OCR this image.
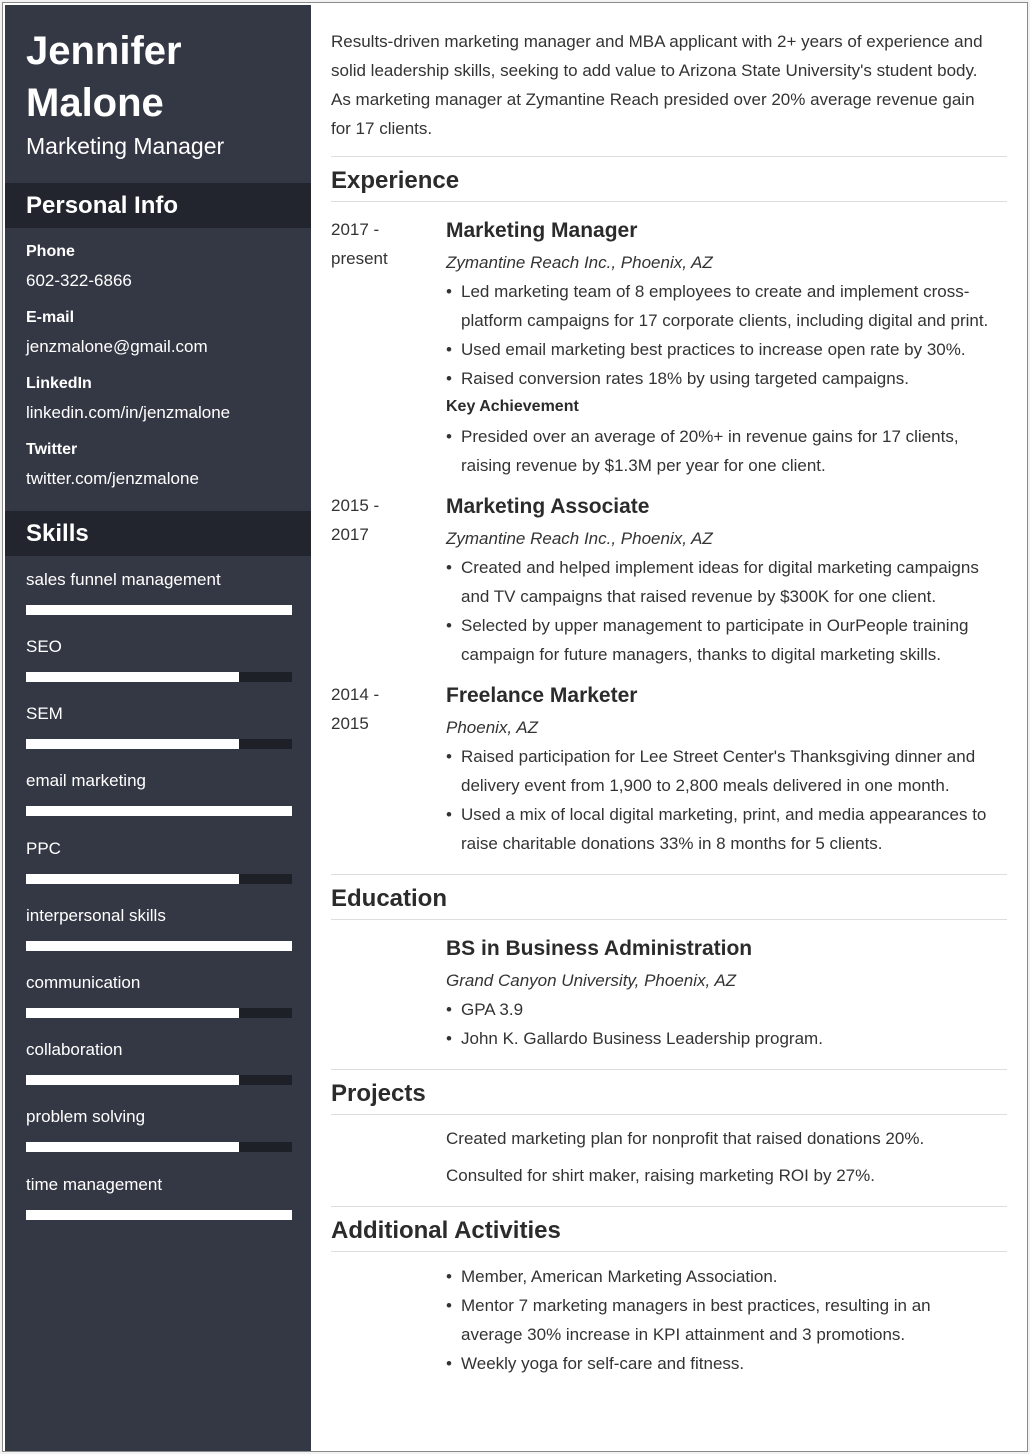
Jennifer
Malone
Marketing Manager
Personal Info
Phone
602-322-6866
E-mail
jenzmalone@gmail.com
LinkedIn
linkedin.com/in/jenzmalone
Twitter
twitter.com/jenzmalone
Skills
sales funnel management
SEO
SEM
email marketing
PPC
interpersonal skills
communication
collaboration
problem solving
time management
Results-driven marketing manager and MBA applicant with 2+ years of experience and
solid leadership skills, seeking to add value to Arizona State University's student body.
As marketing manager at Zymantine Reach presided over 20% average revenue gain
for 17 clients.
Experience
2017 -
present
Marketing Manager
Zymantine Reach Inc., Phoenix, AZ
• Led marketing team of 8 employees to create and implement cross-
platform campaigns for 17 corporate clients, including digital and print.
• Used email marketing best practices to increase open rate by 30%.
• Raised conversion rates 18% by using targeted campaigns.
Key Achievement
• Presided over an average of 20%+ in revenue gains for 17 clients,
raising revenue by $1.3M per year for one client.
2015 -
2017
Marketing Associate
Zymantine Reach Inc., Phoenix, AZ
• Created and helped implement ideas for digital marketing campaigns
and TV campaigns that raised revenue by $300K for one client.
• Selected by upper management to participate in OurPeople training
campaign for future managers, thanks to digital marketing skills.
2014 -
2015
Freelance Marketer
Phoenix, AZ
• Raised participation for Lee Street Center's Thanksgiving dinner and
delivery event from 1,900 to 2,800 meals delivered in one month.
• Used a mix of local digital marketing, print, and media appearances to
raise charitable donations 33% in 8 months for 5 clients.
Education
BS in Business Administration
Grand Canyon University, Phoenix, AZ
• GPA 3.9
• John K. Gallardo Business Leadership program.
Projects
Created marketing plan for nonprofit that raised donations 20%.
Consulted for shirt maker, raising marketing ROI by 27%.
Additional Activities
• Member, American Marketing Association.
• Mentor 7 marketing managers in best practices, resulting in an
average 30% increase in KPI attainment and 3 promotions.
• Weekly yoga for self-care and fitness.
